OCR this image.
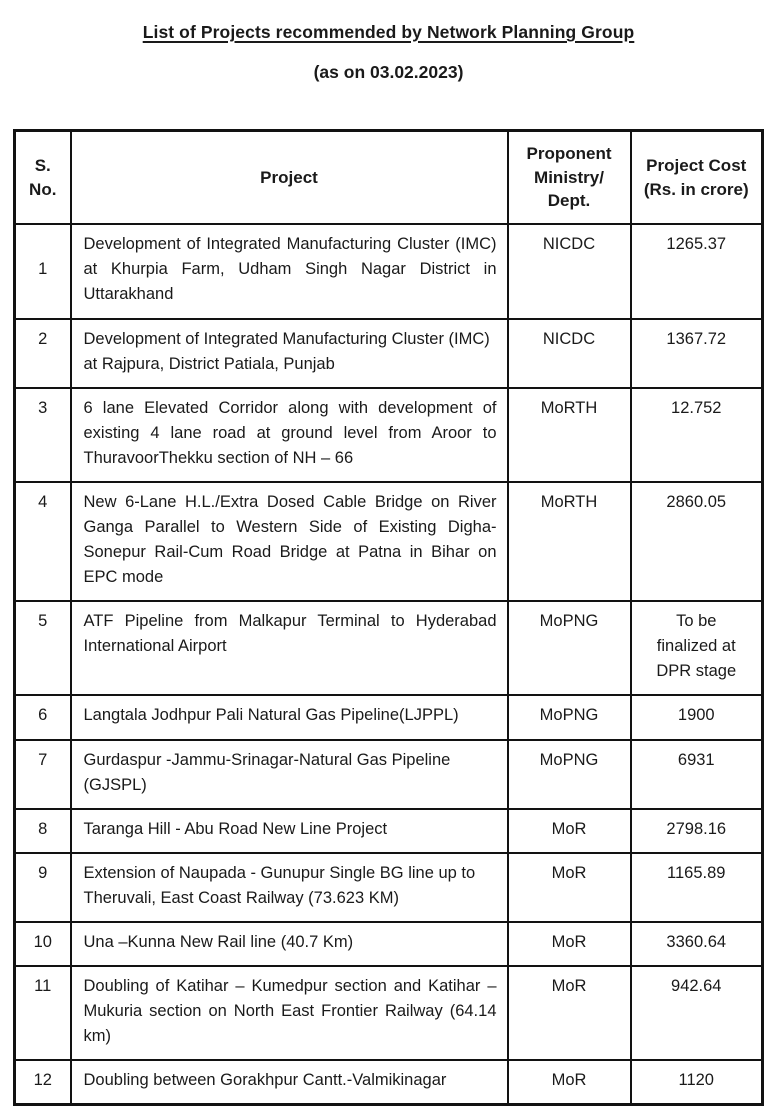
List of Projects recommended by Network Planning Group
(as on 03.02.2023)
S. No.	Project	Proponent Ministry/ Dept.	Project Cost (Rs. in crore)
1	Development of Integrated Manufacturing Cluster (IMC) at Khurpia Farm, Udham Singh Nagar District in Uttarakhand	NICDC	1265.37
2	Development of Integrated Manufacturing Cluster (IMC) at Rajpura, District Patiala, Punjab	NICDC	1367.72
3	6 lane Elevated Corridor along with development of existing 4 lane road at ground level from Aroor to ThuravoorThekku section of NH – 66	MoRTH	12.752
4	New 6-Lane H.L./Extra Dosed Cable Bridge on River Ganga Parallel to Western Side of Existing Digha-Sonepur Rail-Cum Road Bridge at Patna in Bihar on EPC mode	MoRTH	2860.05
5	ATF Pipeline from Malkapur Terminal to Hyderabad International Airport	MoPNG	To be finalized at DPR stage
6	Langtala Jodhpur Pali Natural Gas Pipeline(LJPPL)	MoPNG	1900
7	Gurdaspur -Jammu-Srinagar-Natural Gas Pipeline (GJSPL)	MoPNG	6931
8	Taranga Hill - Abu Road New Line Project	MoR	2798.16
9	Extension of Naupada - Gunupur Single BG line up to Theruvali, East Coast Railway (73.623 KM)	MoR	1165.89
10	Una –Kunna New Rail line (40.7 Km)	MoR	3360.64
11	Doubling of Katihar – Kumedpur section and Katihar – Mukuria section on North East Frontier Railway (64.14 km)	MoR	942.64
12	Doubling between Gorakhpur Cantt.-Valmikinagar	MoR	1120
